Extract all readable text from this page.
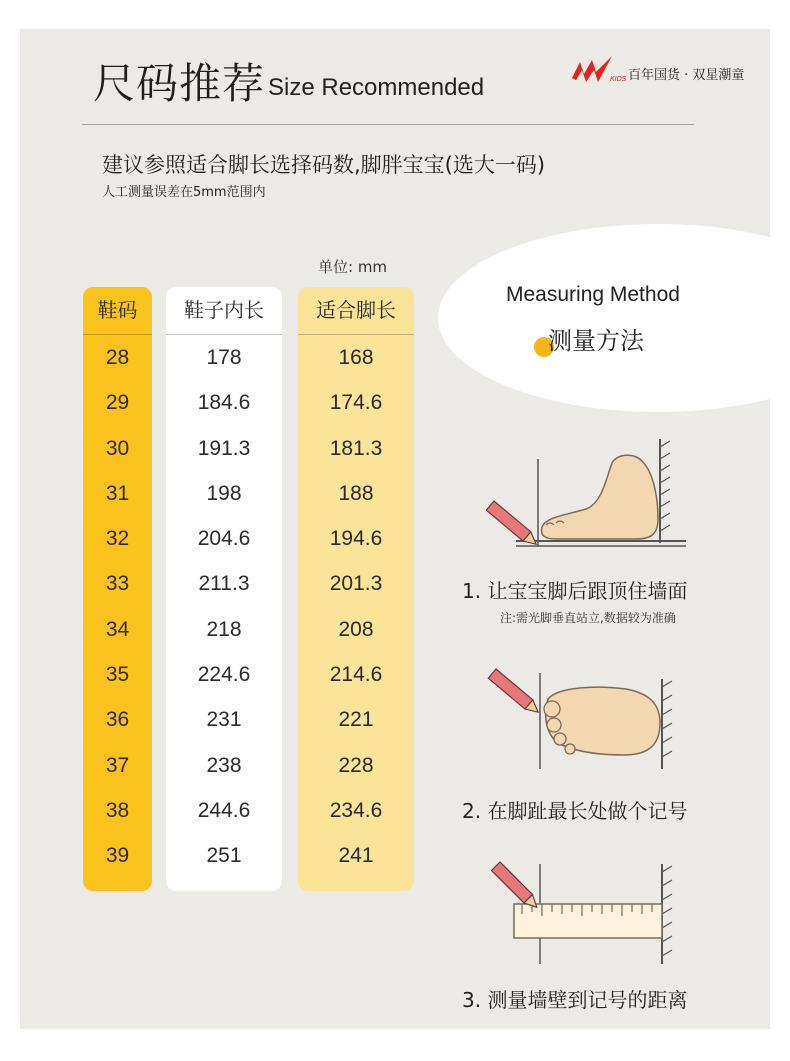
尺码推荐 Size Recommended	KIDS 百年国货 · 双星潮童
建议参照适合脚长选择码数,脚胖宝宝(选大一码)
人工测量误差在5mm范围内
单位: mm
鞋码
28
29
30
31
32
33
34
35
36
37
38
39
鞋子内长
178
184.6
191.3
198
204.6
211.3
218
224.6
231
238
244.6
251
适合脚长
168
174.6
181.3
188
194.6
201.3
208
214.6
221
228
234.6
241
Measuring Method
测量方法
1. 让宝宝脚后跟顶住墙面
注:需光脚垂直站立,数据较为准确
2. 在脚趾最长处做个记号
3. 测量墙壁到记号的距离
